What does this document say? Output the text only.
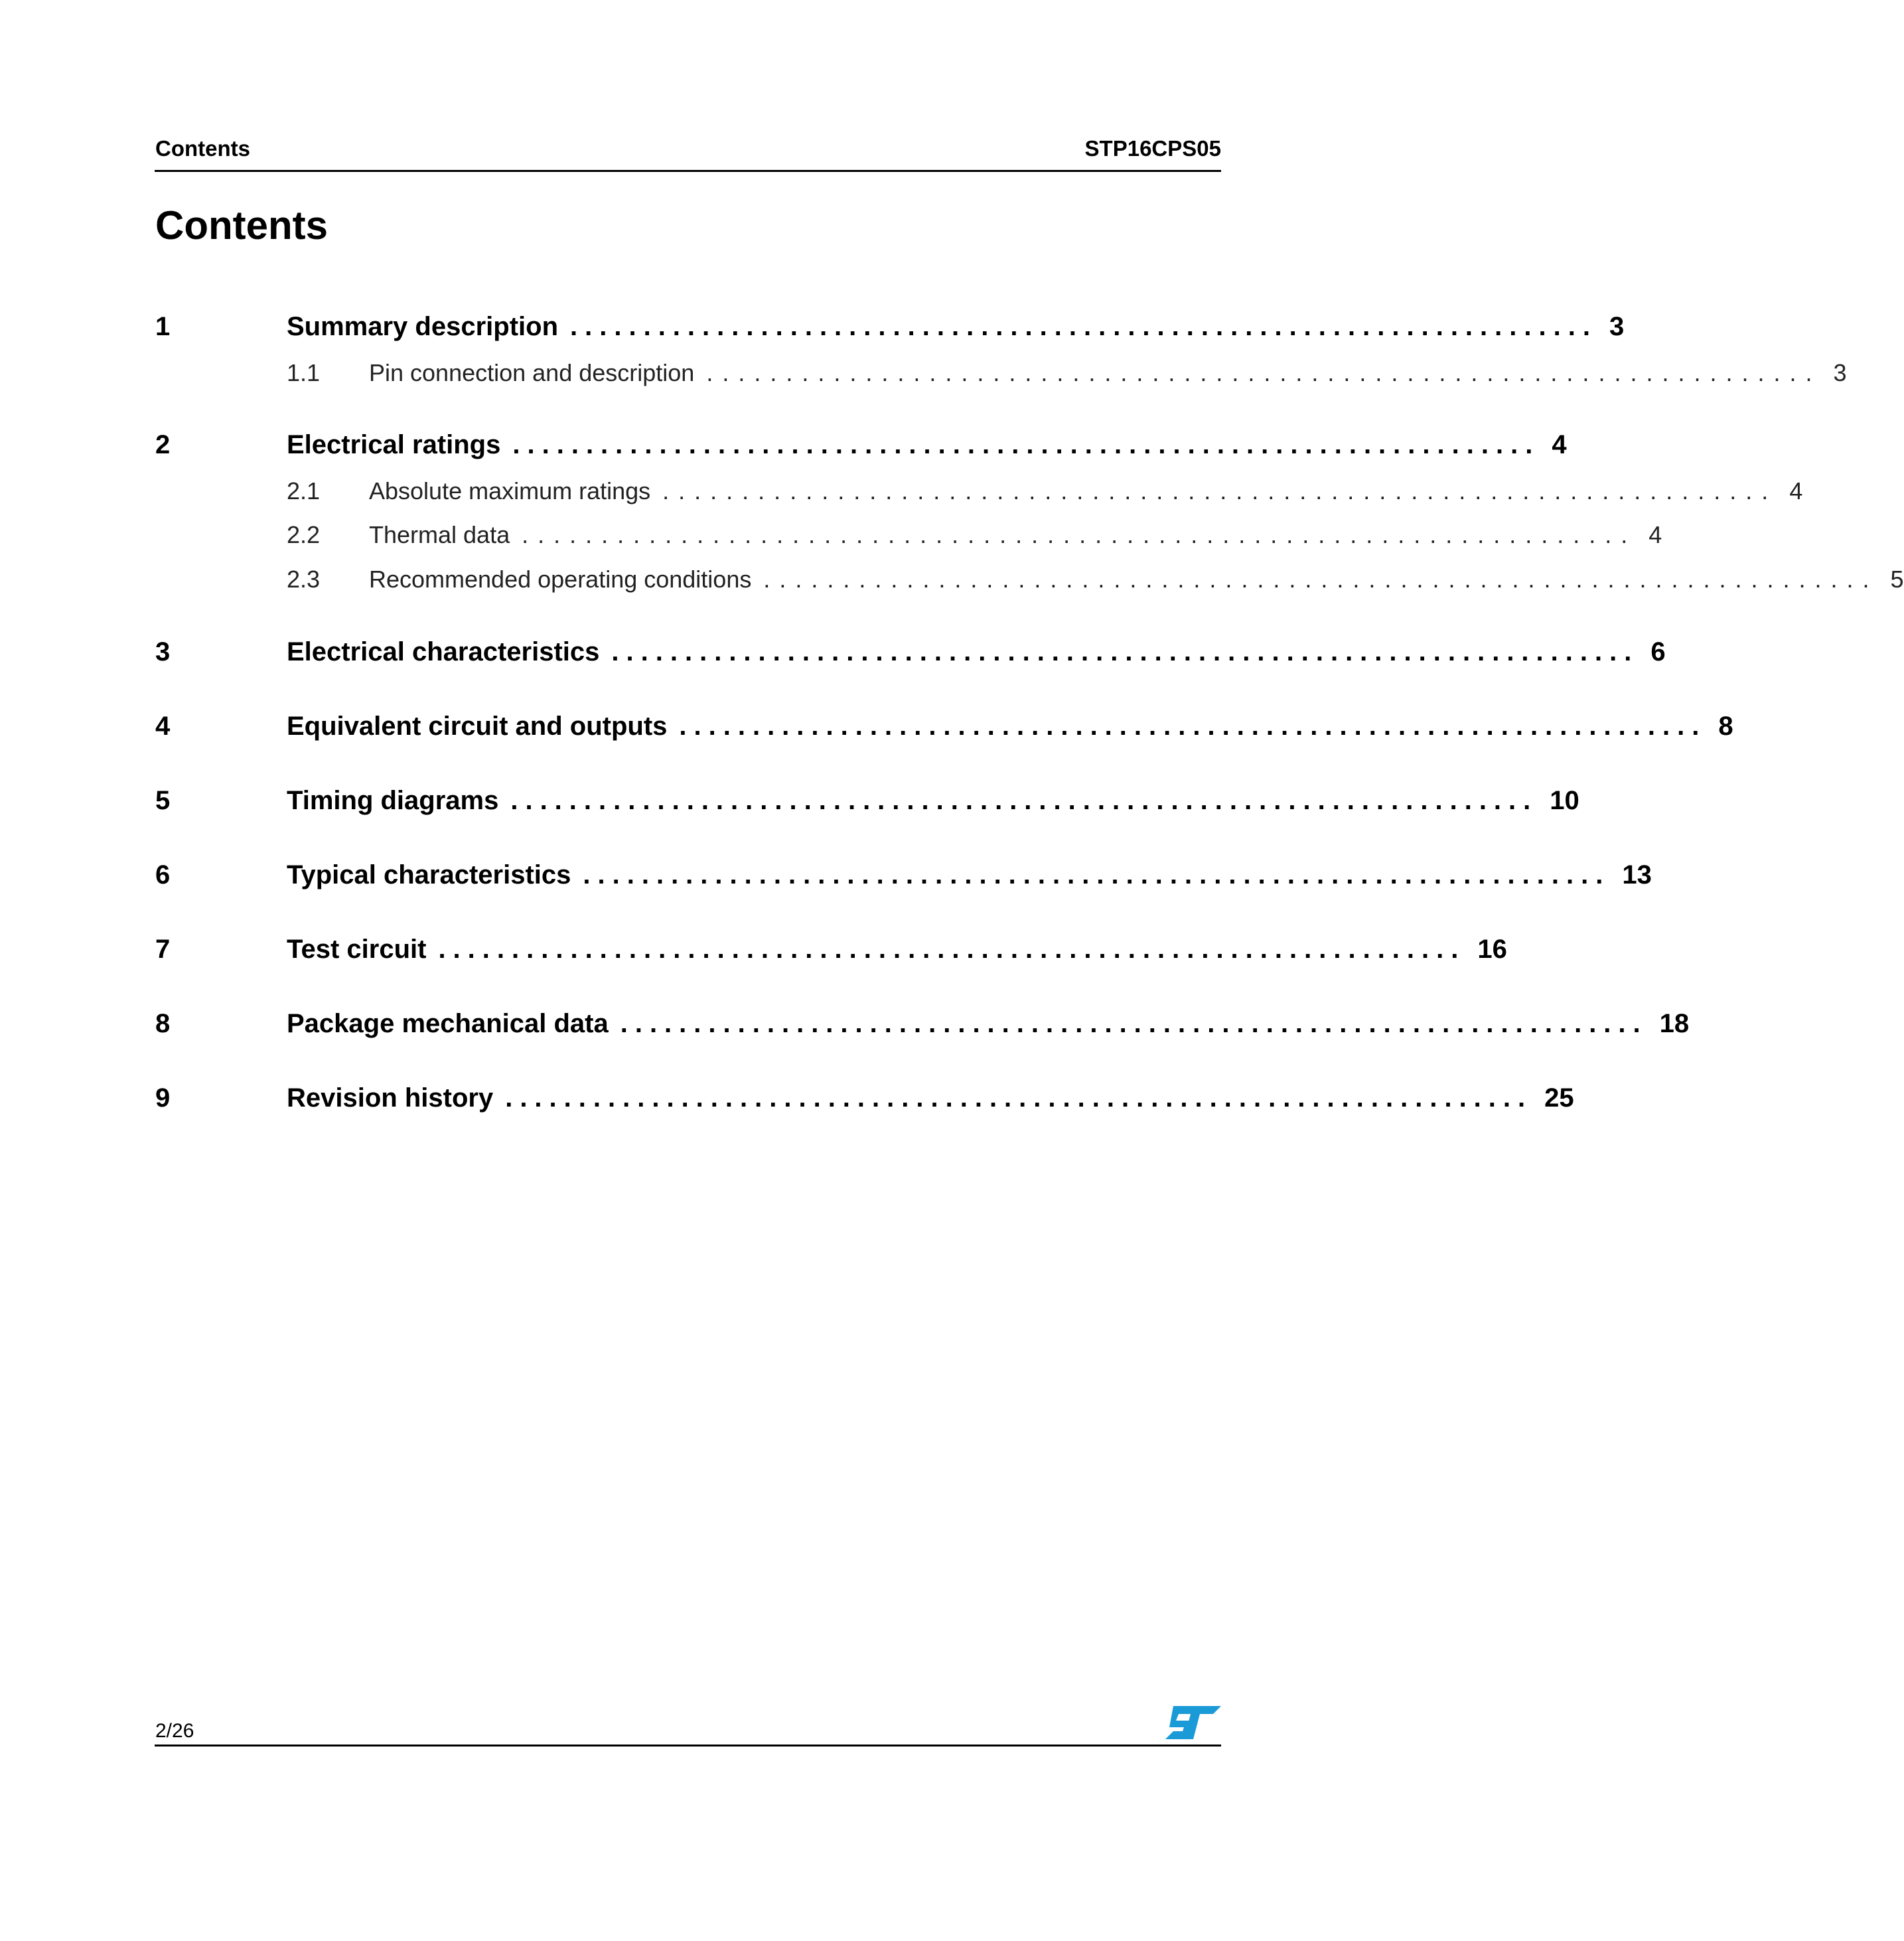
Contents	STP16CPS05
Contents
1	Summary description ...................................................................... 3
1.1	Pin connection and description ...................................................................... 3
2	Electrical ratings ...................................................................... 4
2.1	Absolute maximum ratings ...................................................................... 4
2.2	Thermal data ...................................................................... 4
2.3	Recommended operating conditions ...................................................................... 5
3	Electrical characteristics ...................................................................... 6
4	Equivalent circuit and outputs ...................................................................... 8
5	Timing diagrams ...................................................................... 10
6	Typical characteristics ...................................................................... 13
7	Test circuit ...................................................................... 16
8	Package mechanical data ...................................................................... 18
9	Revision history ...................................................................... 25
2/26
